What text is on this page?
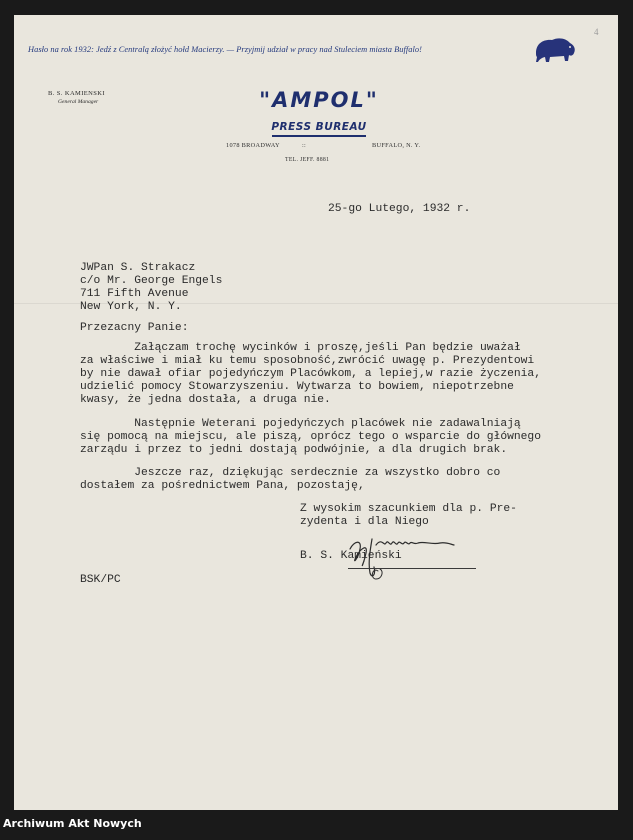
Hasło na rok 1932: Jedź z Centralą złożyć hołd Macierzy. — Przyjmij udział w pracy nad Stuleciem miasta Buffalo!
4
B. S. KAMIENSKI
General Manager	"AMPOL"
PRESS BUREAU
1078 BROADWAY	::	BUFFALO, N. Y.
TEL. JEFF. 8881
25-go Lutego, 1932 r.
JWPan S. Strakacz
c/o Mr. George Engels
711 Fifth Avenue
New York, N. Y.
Przezacny Panie:
Załączam trochę wycinków i proszę,jeśli Pan będzie uważał
za właściwe i miał ku temu sposobność,zwrócić uwagę p. Prezydentowi
by nie dawał ofiar pojedyńczym Placówkom, a lepiej,w razie życzenia,
udzielić pomocy Stowarzyszeniu. Wytwarza to bowiem, niepotrzebne
kwasy, że jedna dostała, a druga nie.
Następnie Weterani pojedyńczych placówek nie zadawalniają
się pomocą na miejscu, ale piszą, oprócz tego o wsparcie do głównego
zarządu i przez to jedni dostają podwójnie, a dla drugich brak.
Jeszcze raz, dziękując serdecznie za wszystko dobro co
dostałem za pośrednictwem Pana, pozostaję,
Z wysokim szacunkiem dla p. Pre-
zydenta i dla Niego
B. S. Kamieński
BSK/PC
Archiwum Akt Nowych
